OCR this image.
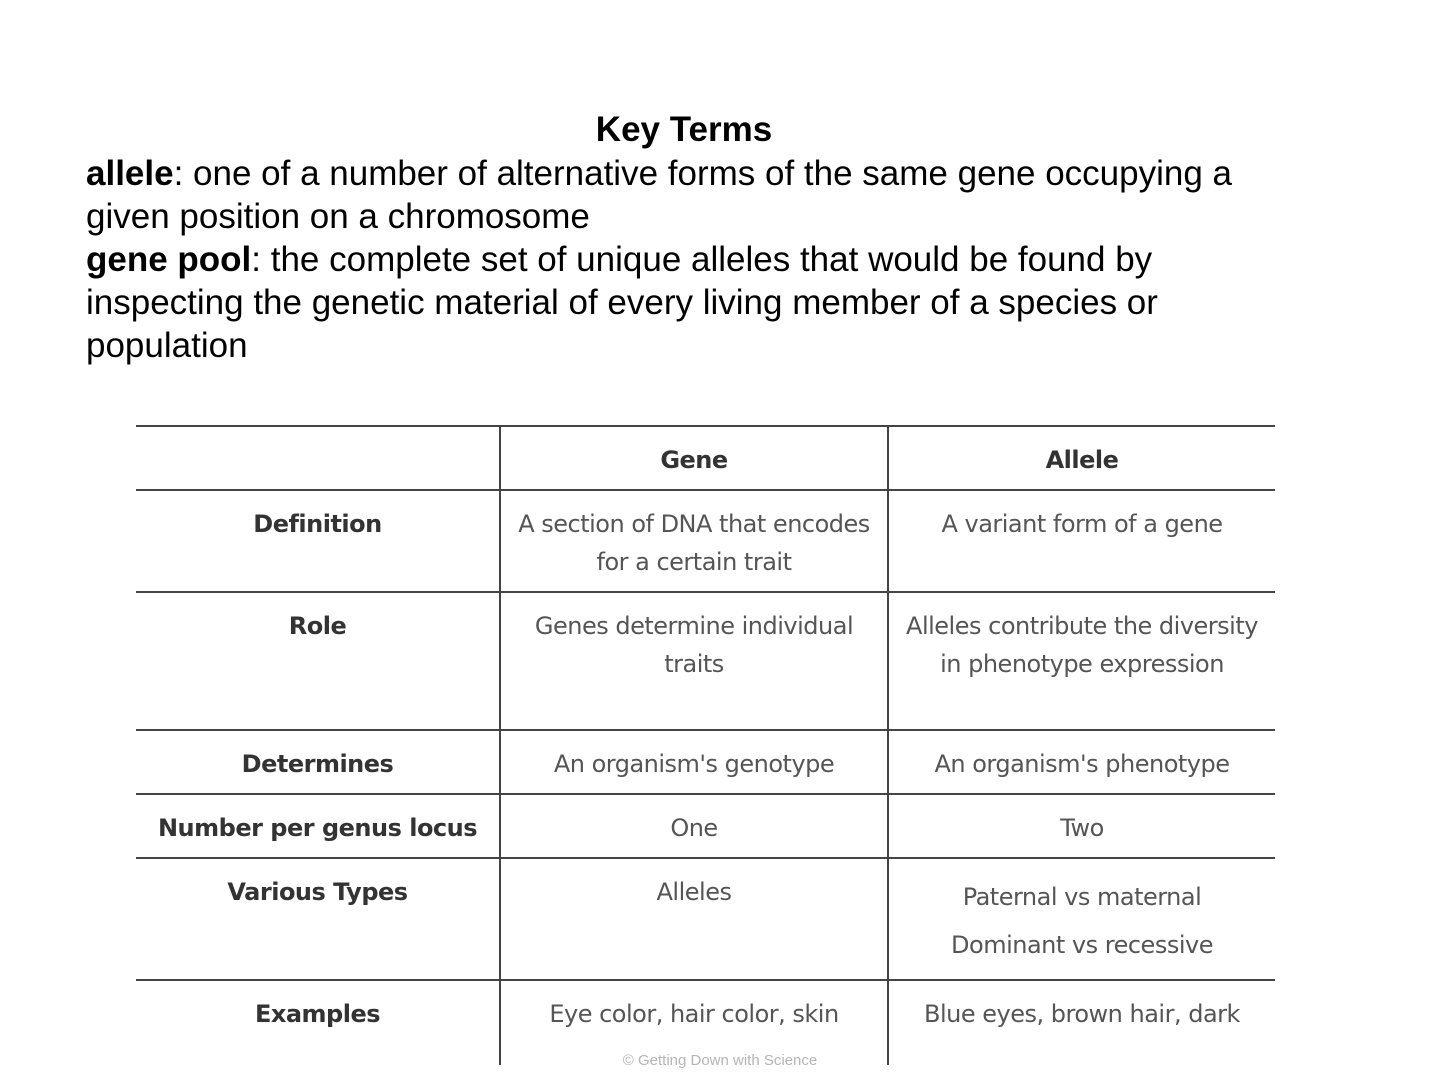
Key Terms

allele: one of a number of alternative forms of the same gene occupying a given position on a chromosome

gene pool: the complete set of unique alleles that would be found by inspecting the genetic material of every living member of a species or population

	Gene	Allele
Definition	A section of DNA that encodes for a certain trait	A variant form of a gene
Role	Genes determine individual traits	Alleles contribute the diversity in phenotype expression
Determines	An organism's genotype	An organism's phenotype
Number per genus locus	One	Two
Various Types	Alleles	Paternal vs maternal
Dominant vs recessive

Examples	Eye color, hair color, skin	Blue eyes, brown hair, dark
© Getting Down with Science
